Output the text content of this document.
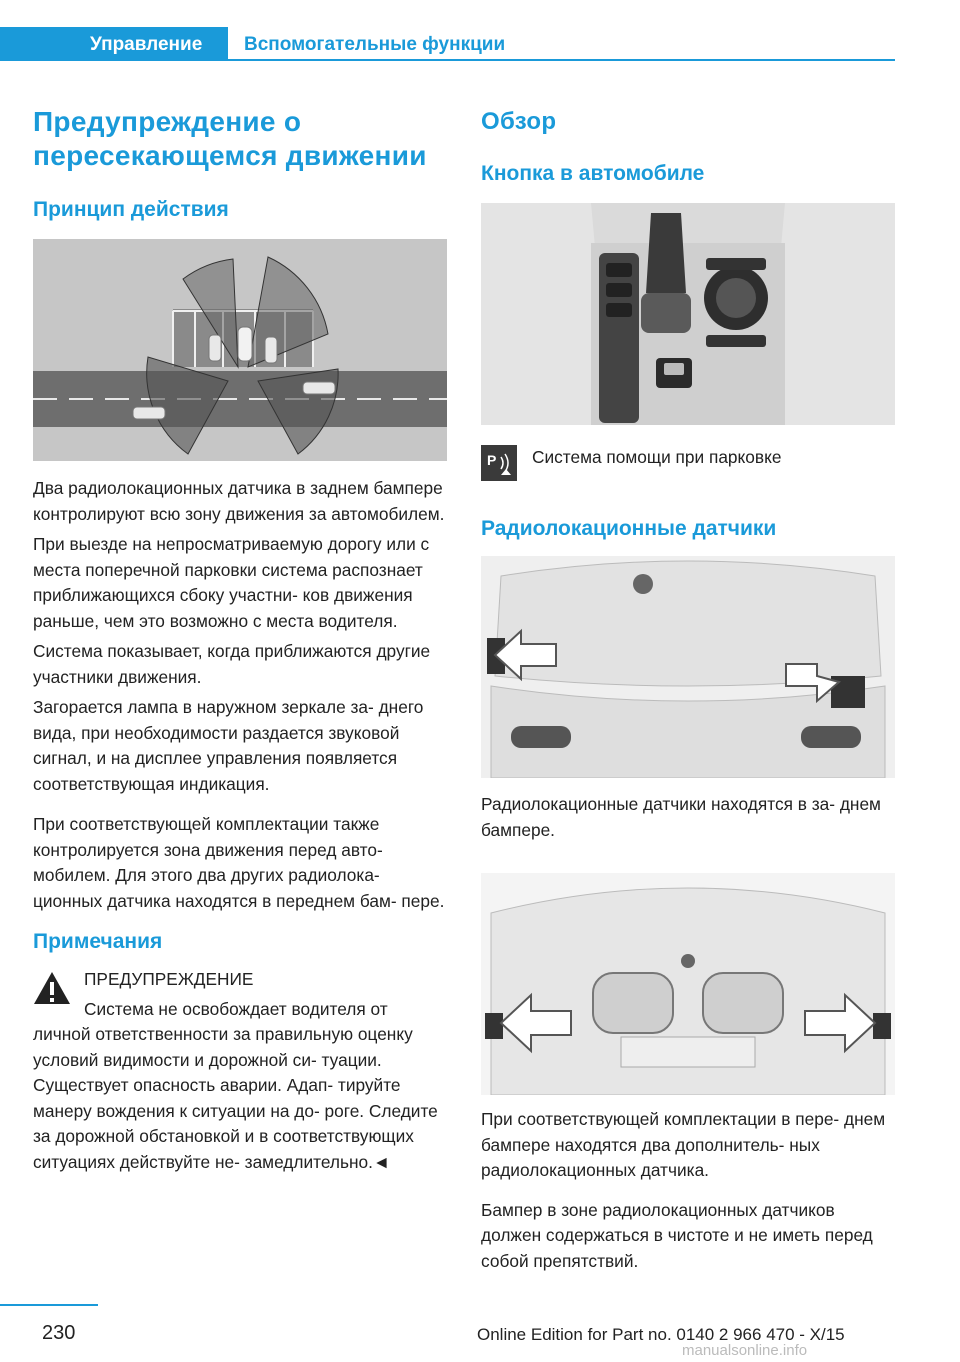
Управление Вспомогательные функции
Предупреждение о
пересекающемся движении
Принцип действия

Два радиолокационных датчика в заднем бампере контролируют всю зону движения за автомобилем.

При выезде на непросматриваемую дорогу или с места поперечной парковки система распознает приближающихся сбоку участни‐ ков движения раньше, чем это возможно с места водителя.

Система показывает, когда приближаются другие участники движения.

Загорается лампа в наружном зеркале за‐ днего вида, при необходимости раздается звуковой сигнал, и на дисплее управления появляется соответствующая индикация.

При соответствующей комплектации также контролируется зона движения перед авто‐ мобилем. Для этого два других радиолока‐ ционных датчика находятся в переднем бам‐ пере.

Примечания

ПРЕДУПРЕЖДЕНИЕ

Система не освобождает водителя от

личной ответственности за правильную оценку условий видимости и дорожной си‐ туации. Существует опасность аварии. Адап‐ тируйте манеру вождения к ситуации на до‐ роге. Следите за дорожной обстановкой и в соответствующих ситуациях действуйте не‐ замедлительно.◄

Обзор
Кнопка в автомобиле
P Система помощи при парковке
Радиолокационные датчики

Радиолокационные датчики находятся в за‐ днем бампере.

При соответствующей комплектации в пере‐ днем бампере находятся два дополнитель‐ ных радиолокационных датчика.

Бампер в зоне радиолокационных датчиков должен содержаться в чистоте и не иметь перед собой препятствий.

230	Online Edition for Part no. 0140 2 966 470 - X/15
manualsonline.info
